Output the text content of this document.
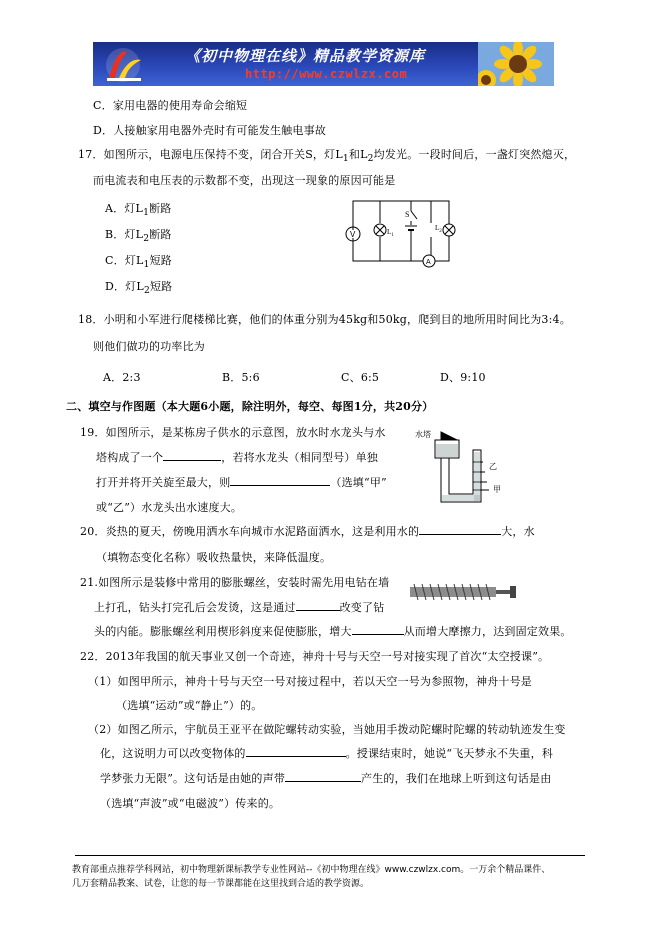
《初中物理在线》精品教学资源库
http://www.czwlzx.com
C．家用电器的使用寿命会缩短
D．人接触家用电器外壳时有可能发生触电事故
17．如图所示，电源电压保持不变，闭合开关S，灯$L_1$和$L_2$均发光。一段时间后，一盏灯突然熄灭，
而电流表和电压表的示数都不变，出现这一现象的原因可能是
A．灯$L_1$断路
B．灯$L_2$断路
C．灯$L_1$短路
D．灯$L_2$短路
V
A
S
$L_1$
$L_2$
18．小明和小军进行爬楼梯比赛，他们的体重分别为45kg和50kg，爬到目的地所用时间比为3:4。
则他们做功的功率比为
A．2:3	B．5:6	C、6:5	D、9:10
二、填空与作图题（本大题6小题，除注明外，每空、每图1分，共20分）
19．如图所示，是某栋房子供水的示意图，放水时水龙头与水
塔构成了一个	，若将水龙头（相同型号）单独
打开并将开关旋至最大，则	（选填“甲”
或“乙”）水龙头出水速度大。
水塔
乙
甲
20．炎热的夏天，傍晚用洒水车向城市水泥路面洒水，这是利用水的	大，水
（填物态变化名称）吸收热量快，来降低温度。
21.如图所示是装修中常用的膨胀螺丝，安装时需先用电钻在墙
上打孔，钻头打完孔后会发烫，这是通过	改变了钻
头的内能。膨胀螺丝利用楔形斜度来促使膨胀，增大	从而增大摩擦力，达到固定效果。
22．2013年我国的航天事业又创一个奇迹，神舟十号与天空一号对接实现了首次“太空授课”。
（1）如图甲所示，神舟十号与天空一号对接过程中，若以天空一号为参照物，神舟十号是
（选填“运动”或“静止”）的。
（2）如图乙所示，宇航员王亚平在做陀螺转动实验，当她用手拨动陀螺时陀螺的转动轨迹发生变
化，这说明力可以改变物体的	。授课结束时，她说“飞天梦永不失重，科
学梦张力无限”。这句话是由她的声带	产生的，我们在地球上听到这句话是由
（选填“声波”或“电磁波”）传来的。
教育部重点推荐学科网站，初中物理新课标教学专业性网站--《初中物理在线》www.czwlzx.com。一万余个精品课件、
几万套精品教案、试卷，让您的每一节课都能在这里找到合适的教学资源。
